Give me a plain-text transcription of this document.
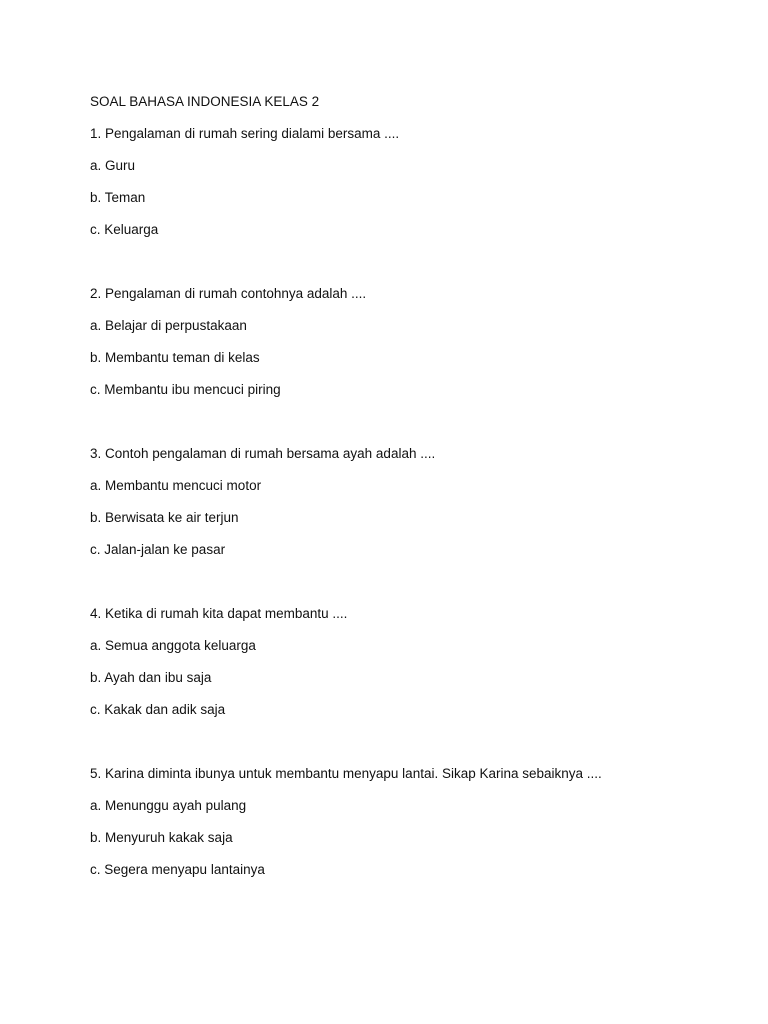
SOAL BAHASA INDONESIA KELAS 2
1. Pengalaman di rumah sering dialami bersama ....
a. Guru
b. Teman
c. Keluarga
2. Pengalaman di rumah contohnya adalah ....
a. Belajar di perpustakaan
b. Membantu teman di kelas
c. Membantu ibu mencuci piring
3. Contoh pengalaman di rumah bersama ayah adalah ....
a. Membantu mencuci motor
b. Berwisata ke air terjun
c. Jalan-jalan ke pasar
4. Ketika di rumah kita dapat membantu ....
a. Semua anggota keluarga
b. Ayah dan ibu saja
c. Kakak dan adik saja
5. Karina diminta ibunya untuk membantu menyapu lantai. Sikap Karina sebaiknya ....
a. Menunggu ayah pulang
b. Menyuruh kakak saja
c. Segera menyapu lantainya
